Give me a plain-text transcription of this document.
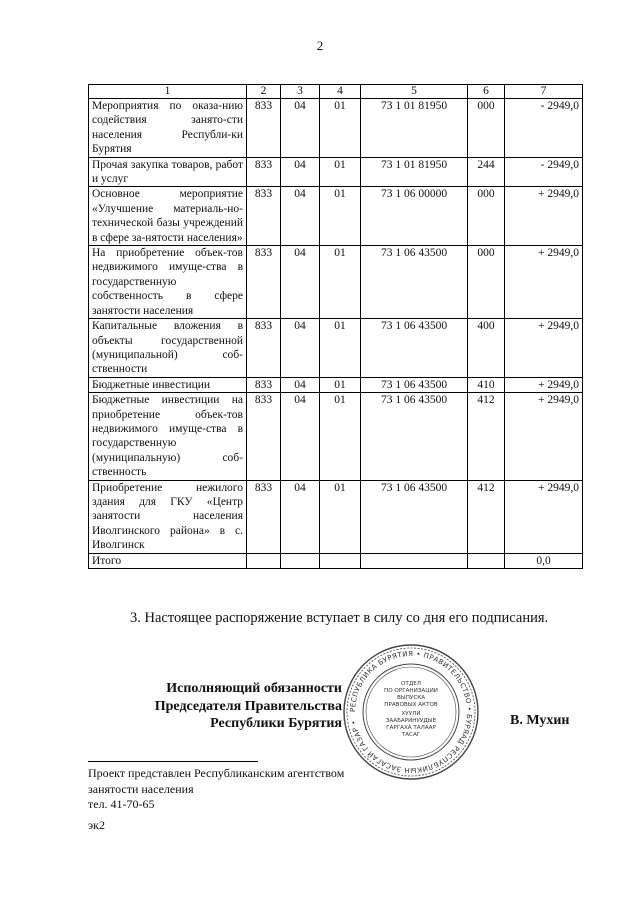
2
1	2	3	4	5	6	7
Мероприятия по оказа-нию содействия занято-сти населения Республи-ки Бурятия	833	04	01	73 1 01 81950	000	- 2949,0
Прочая закупка товаров, работ и услуг	833	04	01	73 1 01 81950	244	- 2949,0
Основное мероприятие «Улучшение материаль-но-технической базы учреждений в сфере за-нятости населения»	833	04	01	73 1 06 00000	000	+ 2949,0
На приобретение объек-тов недвижимого имуще-ства в государственную собственность в сфере занятости населения	833	04	01	73 1 06 43500	000	+ 2949,0
Капитальные вложения в объекты государственной (муниципальной) соб-ственности	833	04	01	73 1 06 43500	400	+ 2949,0
Бюджетные инвестиции	833	04	01	73 1 06 43500	410	+ 2949,0
Бюджетные инвестиции на приобретение объек-тов недвижимого имуще-ства в государственную (муниципальную) соб-ственность	833	04	01	73 1 06 43500	412	+ 2949,0
Приобретение нежилого здания для ГКУ «Центр занятости населения Иволгинского района» в с. Иволгинск	833	04	01	73 1 06 43500	412	+ 2949,0
Итого						0,0
3. Настоящее распоряжение вступает в силу со дня его подписания.
Исполняющий обязанности
Председателя Правительства
Республики Бурятия
РЕСПУБЛИКА БУРЯТИЯ • ПРАВИТЕЛЬСТВО • БУРЯАД РЕСПУБЛИКЫН ЗАСАГАЙ ГАЗАР •
ОТДЕЛ
ПО ОРГАНИЗАЦИИ
ВЫПУСКА
ПРАВОВЫХ АКТОВ
ХУУЛИ
ЗААБАРИНУУДЫЕ
ГАРГАХА ТАЛААР
ТАСАГ
В. Мухин
Проект представлен Республиканским агентством
занятости населения
тел. 41-70-65
эк2
